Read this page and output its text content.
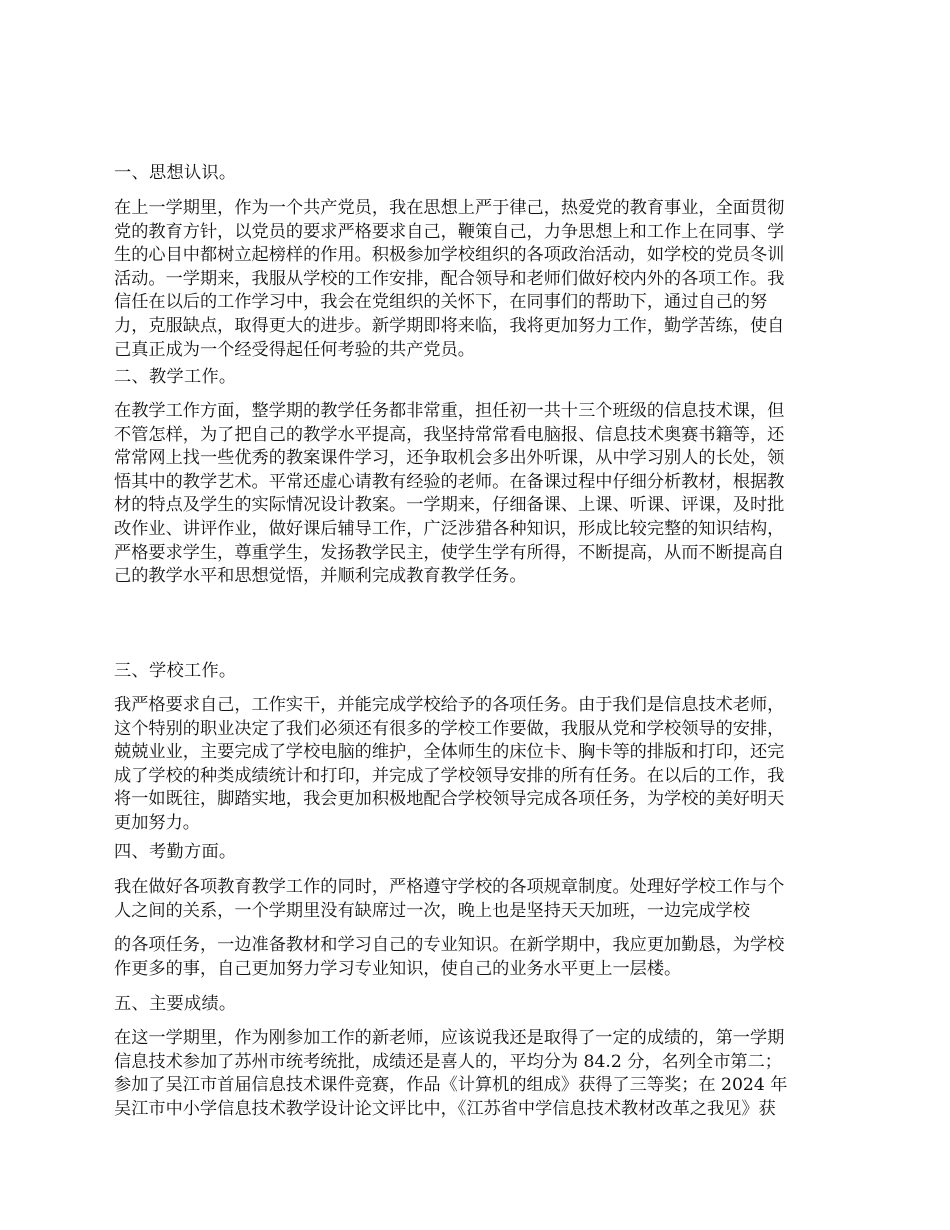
一、思想认识。

在上一学期里，作为一个共产党员，我在思想上严于律己，热爱党的教育事业，全面贯彻
党的教育方针，以党员的要求严格要求自己，鞭策自己，力争思想上和工作上在同事、学
生的心目中都树立起榜样的作用。积极参加学校组织的各项政治活动，如学校的党员冬训
活动。一学期来，我服从学校的工作安排，配合领导和老师们做好校内外的各项工作。我
信任在以后的工作学习中，我会在党组织的关怀下，在同事们的帮助下，通过自己的努
力，克服缺点，取得更大的进步。新学期即将来临，我将更加努力工作，勤学苦练，使自
己真正成为一个经受得起任何考验的共产党员。

二、教学工作。

在教学工作方面，整学期的教学任务都非常重，担任初一共十三个班级的信息技术课，但
不管怎样，为了把自己的教学水平提高，我坚持常常看电脑报、信息技术奥赛书籍等，还
常常网上找一些优秀的教案课件学习，还争取机会多出外听课，从中学习别人的长处，领
悟其中的教学艺术。平常还虚心请教有经验的老师。在备课过程中仔细分析教材，根据教
材的特点及学生的实际情况设计教案。一学期来，仔细备课、上课、听课、评课，及时批
改作业、讲评作业，做好课后辅导工作，广泛涉猎各种知识，形成比较完整的知识结构，
严格要求学生，尊重学生，发扬教学民主，使学生学有所得，不断提高，从而不断提高自
己的教学水平和思想觉悟，并顺利完成教育教学任务。

三、学校工作。

我严格要求自己，工作实干，并能完成学校给予的各项任务。由于我们是信息技术老师，
这个特别的职业决定了我们必须还有很多的学校工作要做，我服从党和学校领导的安排，
兢兢业业，主要完成了学校电脑的维护，全体师生的床位卡、胸卡等的排版和打印，还完
成了学校的种类成绩统计和打印，并完成了学校领导安排的所有任务。在以后的工作，我
将一如既往，脚踏实地，我会更加积极地配合学校领导完成各项任务，为学校的美好明天
更加努力。

四、考勤方面。

我在做好各项教育教学工作的同时，严格遵守学校的各项规章制度。处理好学校工作与个
人之间的关系，一个学期里没有缺席过一次，晚上也是坚持天天加班，一边完成学校

的各项任务，一边准备教材和学习自己的专业知识。在新学期中，我应更加勤恳，为学校
作更多的事，自己更加努力学习专业知识，使自己的业务水平更上一层楼。

五、主要成绩。

在这一学期里，作为刚参加工作的新老师，应该说我还是取得了一定的成绩的，第一学期
信息技术参加了苏州市统考统批，成绩还是喜人的，平均分为 84.2 分，名列全市第二；
参加了吴江市首届信息技术课件竞赛，作品《计算机的组成》获得了三等奖；在 2024 年
吴江市中小学信息技术教学设计论文评比中，《江苏省中学信息技术教材改革之我见》获
